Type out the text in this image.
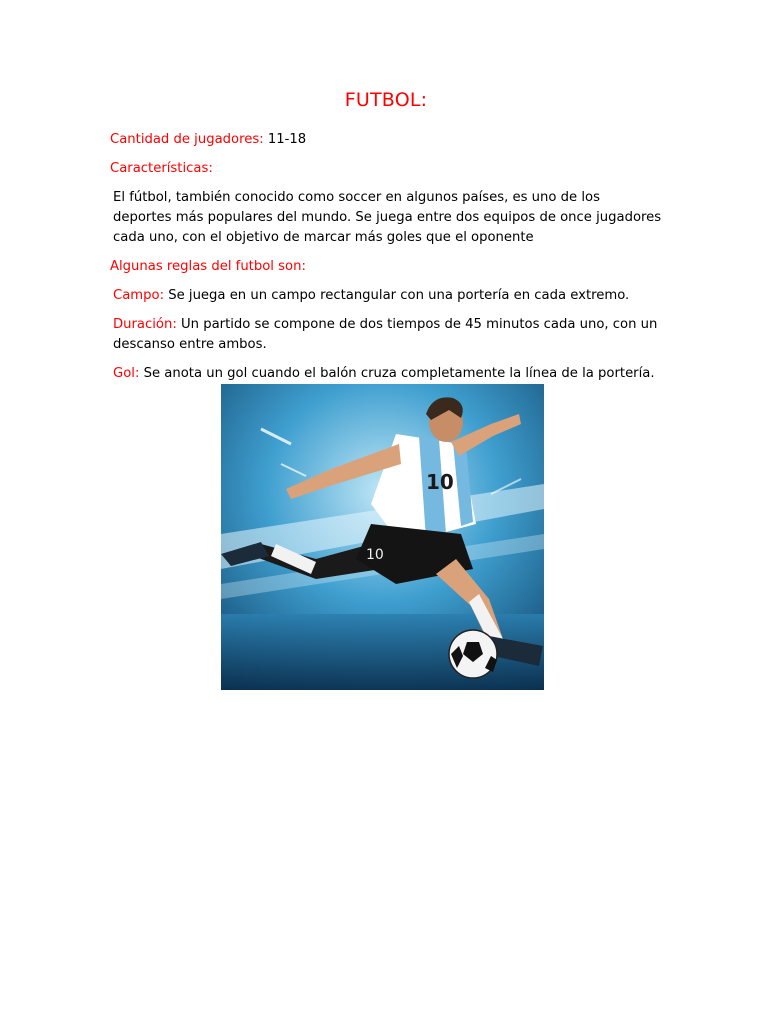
FUTBOL:

Cantidad de jugadores: 11-18

Características:

El fútbol, también conocido como soccer en algunos países, es uno de los deportes más populares del mundo. Se juega entre dos equipos de once jugadores cada uno, con el objetivo de marcar más goles que el oponente

Algunas reglas del futbol son:

Campo: Se juega en un campo rectangular con una portería en cada extremo.

Duración: Un partido se compone de dos tiempos de 45 minutos cada uno, con un descanso entre ambos.

Gol: Se anota un gol cuando el balón cruza completamente la línea de la portería.

10
10
